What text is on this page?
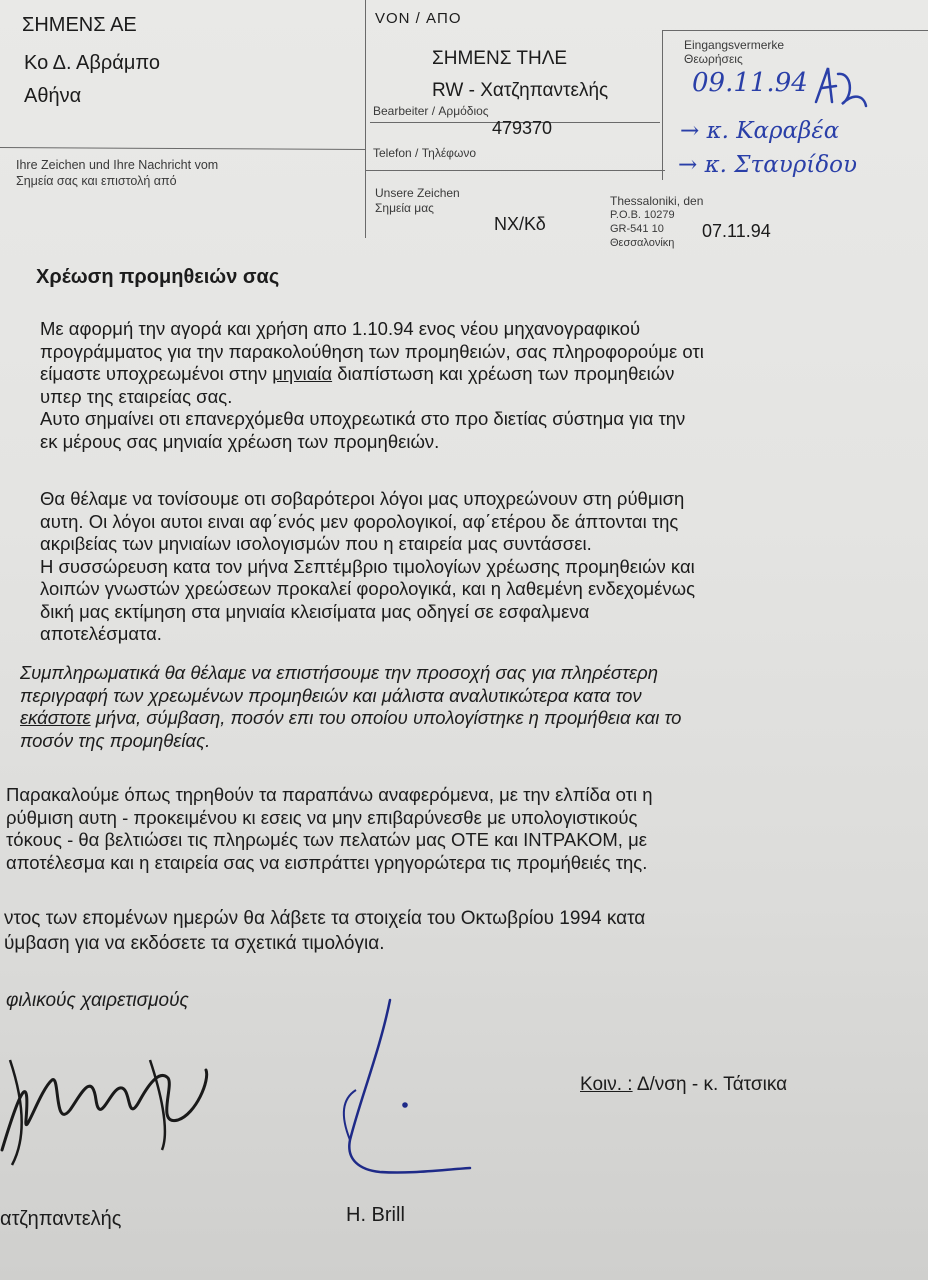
ΣΗΜΕΝΣ ΑΕ
Κο Δ. Αβράμπο
Αθήνα
VON / ΑΠΟ
ΣΗΜΕΝΣ ΤΗΛΕ
RW - Χατζηπαντελής
Bearbeiter / Αρμόδιος
479370
Telefon / Τηλέφωνο
Eingangsvermerke
Θεωρήσεις
09.11.94
→ κ. Καραβέα
→ κ. Σταυρίδου
Ihre Zeichen und Ihre Nachricht vom
Σημεία σας και επιστολή από
Unsere Zeichen
Σημεία μας
ΝΧ/Κδ
Thessaloniki, den
P.O.B. 10279
GR-541 10
Θεσσαλονίκη
07.11.94
Χρέωση προμηθειών σας
Με αφορμή την αγορά και χρήση απο 1.10.94 ενος νέου μηχανογραφικού
προγράμματος για την παρακολούθηση των προμηθειών, σας πληροφορούμε οτι
είμαστε υποχρεωμένοι στην μηνιαία διαπίστωση και χρέωση των προμηθειών
υπερ της εταιρείας σας.
Αυτο σημαίνει οτι επανερχόμεθα υποχρεωτικά στο προ διετίας σύστημα για την
εκ μέρους σας μηνιαία χρέωση των προμηθειών.
Θα θέλαμε να τονίσουμε οτι σοβαρότεροι λόγοι μας υποχρεώνουν στη ρύθμιση
αυτη. Οι λόγοι αυτοι ειναι αφ΄ενός μεν φορολογικοί, αφ΄ετέρου δε άπτονται της
ακριβείας των μηνιαίων ισολογισμών που η εταιρεία μας συντάσσει.
Η συσσώρευση κατα τον μήνα Σεπτέμβριο τιμολογίων χρέωσης προμηθειών και
λοιπών γνωστών χρεώσεων προκαλεί φορολογικά, και η λαθεμένη ενδεχομένως
δική μας εκτίμηση στα μηνιαία κλεισίματα μας οδηγεί σε εσφαλμενα
αποτελέσματα.
Συμπληρωματικά θα θέλαμε να επιστήσουμε την προσοχή σας για πληρέστερη
περιγραφή των χρεωμένων προμηθειών και μάλιστα αναλυτικώτερα κατα τον
εκάστοτε μήνα, σύμβαση, ποσόν επι του οποίου υπολογίστηκε η προμήθεια και το
ποσόν της προμηθείας.
Παρακαλούμε όπως τηρηθούν τα παραπάνω αναφερόμενα, με την ελπίδα οτι η
ρύθμιση αυτη - προκειμένου κι εσεις να μην επιβαρύνεσθε με υπολογιστικούς
τόκους - θα βελτιώσει τις πληρωμές των πελατών μας ΟΤΕ και ΙΝΤΡΑΚΟΜ, με
αποτέλεσμα και η εταιρεία σας να εισπράττει γρηγορώτερα τις προμήθειές της.
ντος των επομένων ημερών θα λάβετε τα στοιχεία του Οκτωβρίου 1994 κατα
ύμβαση για να εκδόσετε τα σχετικά τιμολόγια.
φιλικούς χαιρετισμούς
Κοιν. : Δ/νση - κ. Τάτσικα
ατζηπαντελής	H. Brill
